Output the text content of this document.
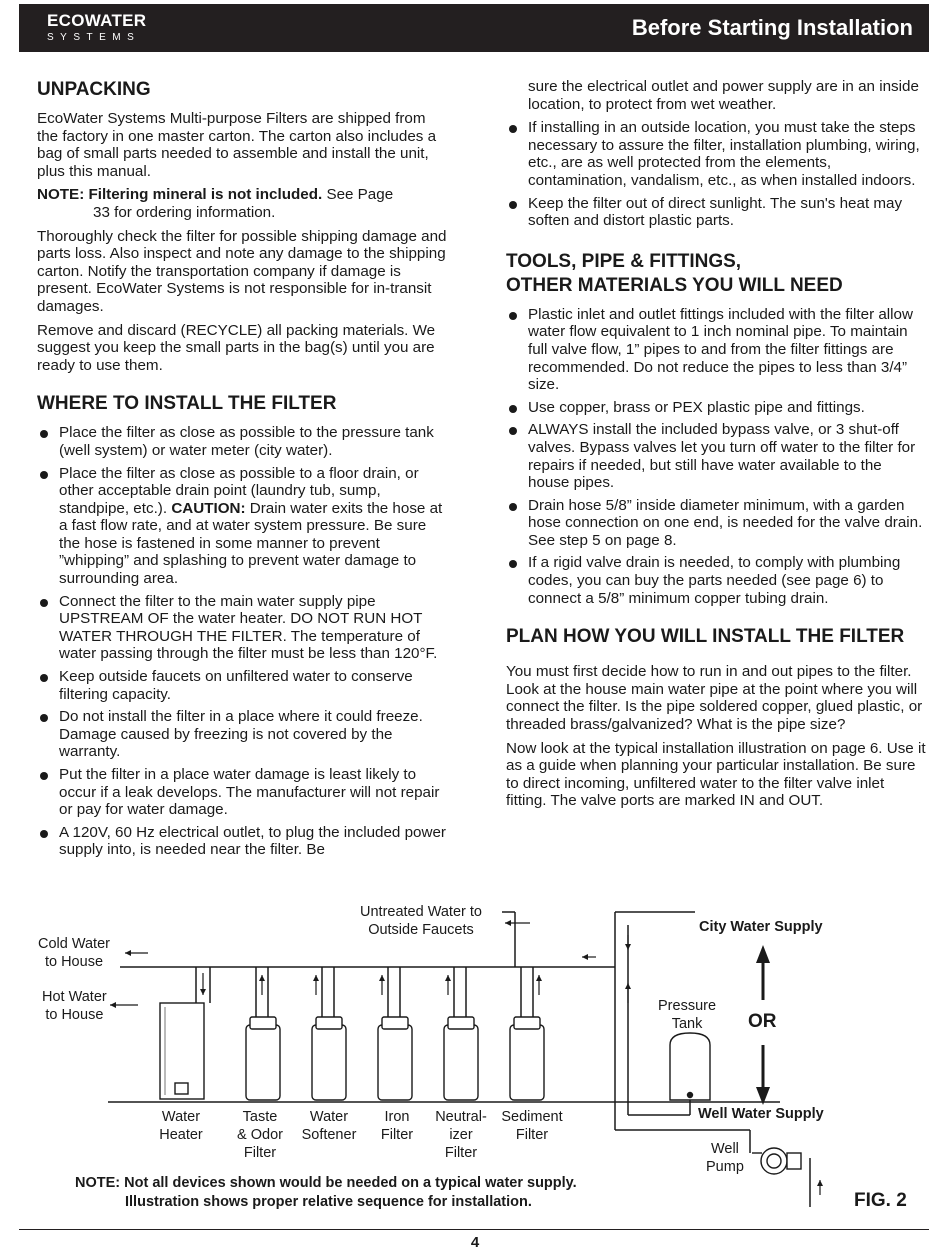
ECOWATER
SYSTEMS	Before Starting Installation
UNPACKING

EcoWater Systems Multi-purpose Filters are shipped from the factory in one master carton. The carton also includes a bag of small parts needed to assemble and install the unit, plus this manual.

NOTE: Filtering mineral is not included. See Page
33 for ordering information.

Thoroughly check the filter for possible shipping damage and parts loss. Also inspect and note any damage to the shipping carton. Notify the transportation company if damage is present. EcoWater Systems is not responsible for in-transit damages.

Remove and discard (RECYCLE) all packing materials. We suggest you keep the small parts in the bag(s) until you are ready to use them.

WHERE TO INSTALL THE FILTER
Place the filter as close as possible to the pressure tank (well system) or water meter (city water).
Place the filter as close as possible to a floor drain, or other acceptable drain point (laundry tub, sump, standpipe, etc.). CAUTION: Drain water exits the hose at a fast flow rate, and at water system pressure. Be sure the hose is fastened in some manner to prevent ”whipping” and splashing to prevent water damage to surrounding area.
Connect the filter to the main water supply pipe UPSTREAM OF the water heater. DO NOT RUN HOT WATER THROUGH THE FILTER. The temperature of water passing through the filter must be less than 120°F.
Keep outside faucets on unfiltered water to conserve filtering capacity.
Do not install the filter in a place where it could freeze. Damage caused by freezing is not covered by the warranty.
Put the filter in a place water damage is least likely to occur if a leak develops. The manufacturer will not repair or pay for water damage.
A 120V, 60 Hz electrical outlet, to plug the included power supply into, is needed near the filter. Be
sure the electrical outlet and power supply are in an inside location, to protect from wet weather.
If installing in an outside location, you must take the steps necessary to assure the filter, installation plumbing, wiring, etc., are as well protected from the elements, contamination, vandalism, etc., as when installed indoors.
Keep the filter out of direct sunlight. The sun's heat may soften and distort plastic parts.
TOOLS, PIPE & FITTINGS,
OTHER MATERIALS YOU WILL NEED
Plastic inlet and outlet fittings included with the filter allow water flow equivalent to 1 inch nominal pipe. To maintain full valve flow, 1” pipes to and from the filter fittings are recommended. Do not reduce the pipes to less than 3/4” size.
Use copper, brass or PEX plastic pipe and fittings.
ALWAYS install the included bypass valve, or 3 shut-off valves. Bypass valves let you turn off water to the filter for repairs if needed, but still have water available to the house pipes.
Drain hose 5/8” inside diameter minimum, with a garden hose connection on one end, is needed for the valve drain. See step 5 on page 8.
If a rigid valve drain is needed, to comply with plumbing codes, you can buy the parts needed (see page 6) to connect a 5/8” minimum copper tubing drain.
PLAN HOW YOU WILL INSTALL THE FILTER

You must first decide how to run in and out pipes to the filter. Look at the house main water pipe at the point where you will connect the filter. Is the pipe soldered copper, glued plastic, or threaded brass/galvanized? What is the pipe size?

Now look at the typical installation illustration on page 6. Use it as a guide when planning your particular installation. Be sure to direct incoming, unfiltered water to the filter valve inlet fitting. The valve ports are marked IN and OUT.

Untreated Water to
Outside Faucets
Cold Water
to House
Hot Water
to House
City Water Supply
OR
Pressure
Tank
Well Water Supply
Well
Pump
Water
Heater
Taste
& Odor
Filter
Water
Softener
Iron
Filter
Neutral-
izer
Filter
Sediment
Filter
NOTE: Not all devices shown would be needed on a typical water supply.
Illustration shows proper relative sequence for installation.	FIG. 2
4
